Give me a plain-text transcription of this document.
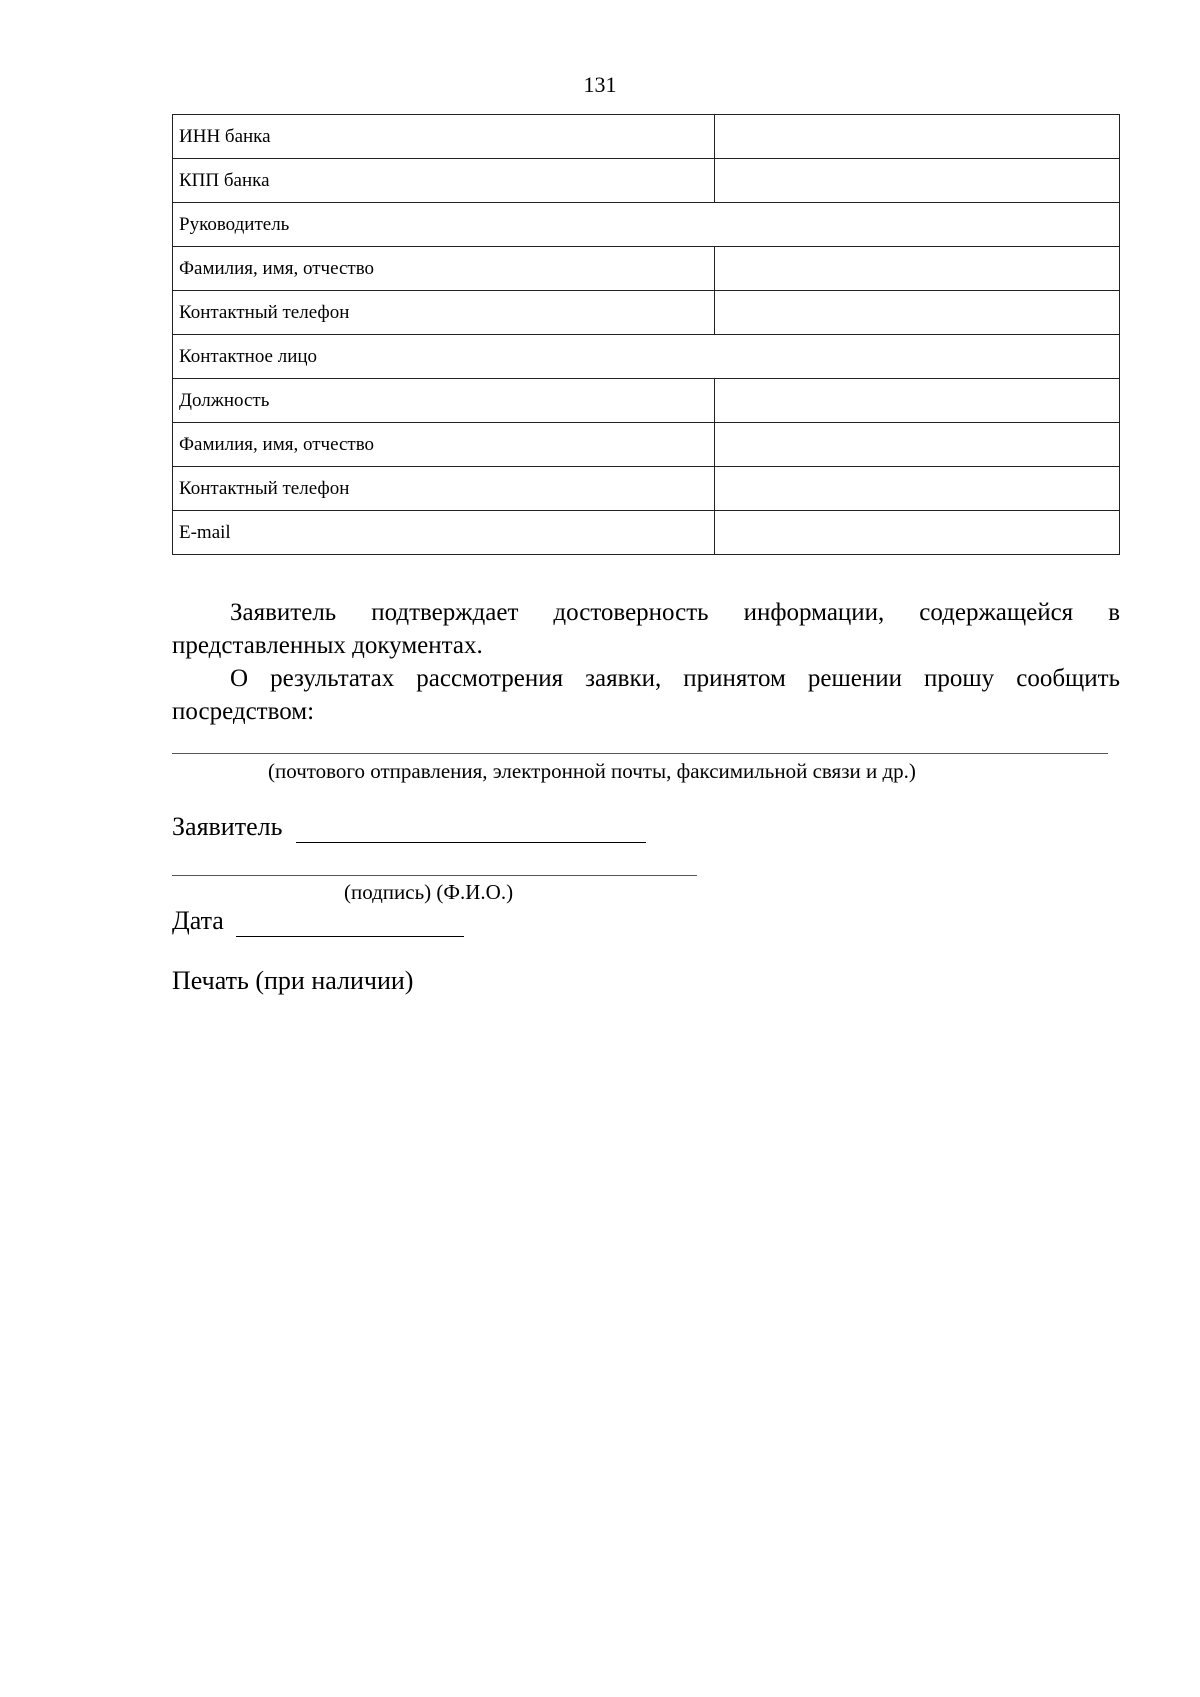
131
ИНН банка	
КПП банка	
Руководитель	
Фамилия, имя, отчество	
Контактный телефон	
Контактное лицо	
Должность	
Фамилия, имя, отчество	
Контактный телефон	
E-mail	
Заявитель подтверждает достоверность информации, содержащейся в
представленных документах.
О результатах рассмотрения заявки, принятом решении прошу сообщить
посредством:
(почтового отправления, электронной почты, факсимильной связи и др.)
Заявитель
(подпись) (Ф.И.О.)
Дата
Печать (при наличии)
